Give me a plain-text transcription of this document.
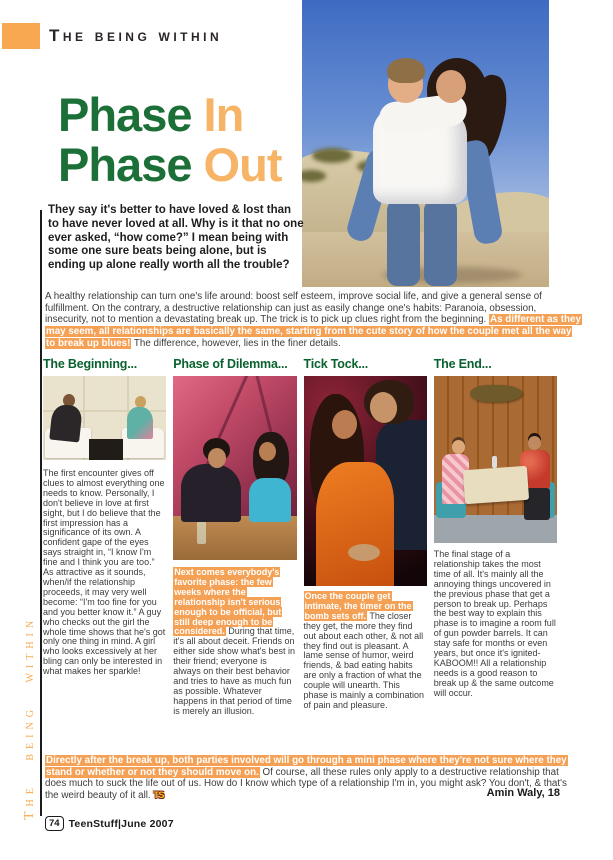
The being within
Phase In
Phase Out

They say it's better to have loved & lost than to have never loved at all. Why is it that no one ever asked, “how come?” I mean being with some one sure beats being alone, but is ending up alone really worth all the trouble?

The being within

A healthy relationship can turn one's life around: boost self esteem, improve social life, and give a general sense of fulfillment. On the contrary, a destructive relationship can just as easily change one's habits: Paranoia, obsession, insecurity, not to mention a devastating break up. The trick is to pick up clues right from the beginning. As different as they may seem, all relationships are basically the same, starting from the cute story of how the couple met all the way to break up blues! The difference, however, lies in the finer details.

The Beginning...

The first encounter gives off clues to almost everything one needs to know. Personally, I don't believe in love at first sight, but I do believe that the first impression has a significance of its own. A confident gape of the eyes says straight in, “I know I'm fine and I think you are too.” As attractive as it sounds, when/if the relationship proceeds, it may very well become: “I'm too fine for you and you better know it.” A guy who checks out the girl the whole time shows that he's got only one thing in mind. A girl who looks excessively at her bling can only be interested in what makes her sparkle!

Phase of Dilemma...

Next comes everybody's favorite phase: the few weeks where the relationship isn't serious enough to be official, but still deep enough to be considered. During that time, it's all about deceit. Friends on either side show what's best in their friend; everyone is always on their best behavior and tries to have as much fun as possible. Whatever happens in that period of time is merely an illusion.

Tick Tock...

Once the couple get intimate, the timer on the bomb sets off. The closer they get, the more they find out about each other, & not all they find out is pleasant. A lame sense of humor, weird friends, & bad eating habits are only a fraction of what the couple will unearth. This phase is mainly a combination of pain and pleasure.

The End...

The final stage of a relationship takes the most time of all. It's mainly all the annoying things uncovered in the previous phase that get a person to break up. Perhaps the best way to explain this phase is to imagine a room full of gun powder barrels. It can stay safe for months or even years, but once it's ignited-KABOOM!! All a relationship needs is a good reason to break up & the same outcome will occur.

Directly after the break up, both parties involved will go through a mini phase where they're not sure where they stand or whether or not they should move on. Of course, all these rules only apply to a destructive relationship that does much to suck the life out of us. How do I know which type of a relationship I'm in, you might ask? You don't, & that's the weird beauty of it all. TS	Amin Waly, 18
74 TeenStuff|June 2007
